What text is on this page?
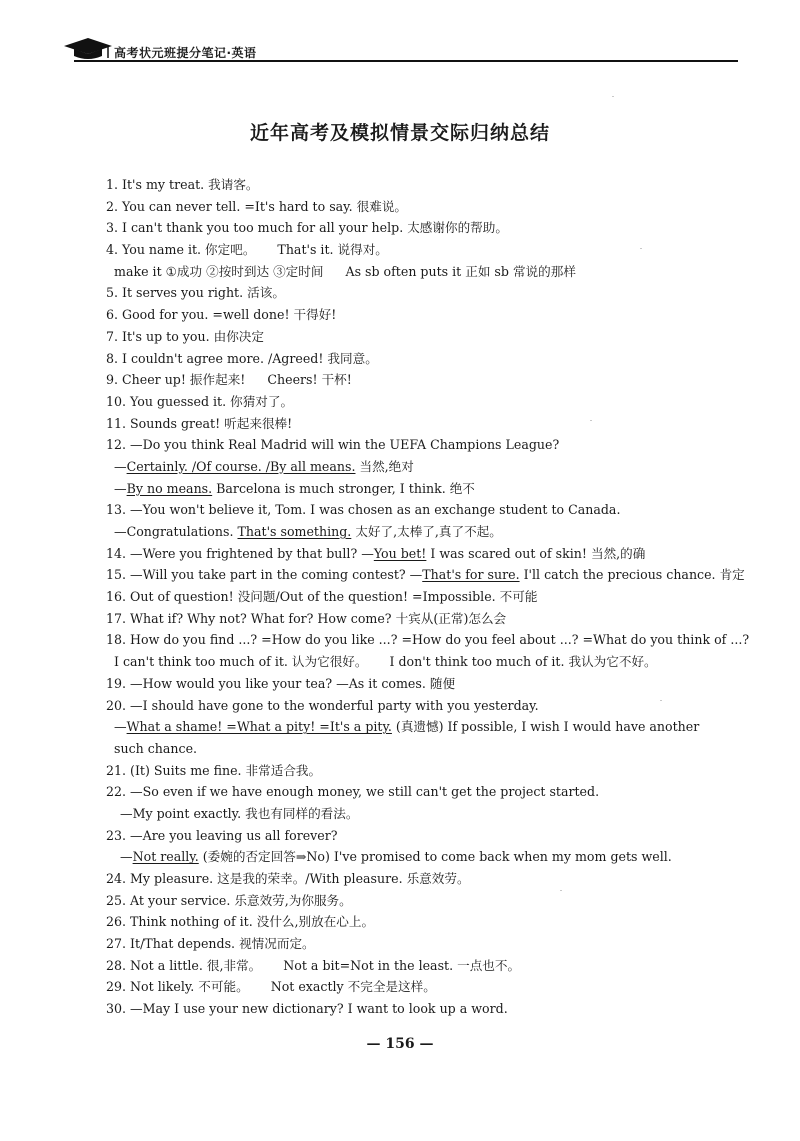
高考状元班提分笔记·英语
近年高考及模拟情景交际归纳总结
1. It's my treat. 我请客。
2. You can never tell. =It's hard to say. 很难说。
3. I can't thank you too much for all your help. 太感谢你的帮助。
4. You name it. 你定吧。 That's it. 说得对。
make it ①成功 ②按时到达 ③定时间 As sb often puts it 正如 sb 常说的那样
5. It serves you right. 活该。
6. Good for you. =well done! 干得好!
7. It's up to you. 由你决定
8. I couldn't agree more. /Agreed! 我同意。
9. Cheer up! 振作起来! Cheers! 干杯!
10. You guessed it. 你猜对了。
11. Sounds great! 听起来很棒!
12. —Do you think Real Madrid will win the UEFA Champions League?
—Certainly. /Of course. /By all means. 当然,绝对
—By no means. Barcelona is much stronger, I think. 绝不
13. —You won't believe it, Tom. I was chosen as an exchange student to Canada.
—Congratulations. That's something. 太好了,太棒了,真了不起。
14. —Were you frightened by that bull? —You bet! I was scared out of skin! 当然,的确
15. —Will you take part in the coming contest? —That's for sure. I'll catch the precious chance. 肯定
16. Out of question! 没问题/Out of the question! =Impossible. 不可能
17. What if? Why not? What for? How come? 十宾从(正常)怎么会
18. How do you find ...? =How do you like ...? =How do you feel about ...? =What do you think of ...?
I can't think too much of it. 认为它很好。 I don't think too much of it. 我认为它不好。
19. —How would you like your tea? —As it comes. 随便
20. —I should have gone to the wonderful party with you yesterday.
—What a shame! =What a pity! =It's a pity. (真遗憾) If possible, I wish I would have another
such chance.
21. (It) Suits me fine. 非常适合我。
22. —So even if we have enough money, we still can't get the project started.
—My point exactly. 我也有同样的看法。
23. —Are you leaving us all forever?
—Not really. (委婉的否定回答⇒No) I've promised to come back when my mom gets well.
24. My pleasure. 这是我的荣幸。/With pleasure. 乐意效劳。
25. At your service. 乐意效劳,为你服务。
26. Think nothing of it. 没什么,别放在心上。
27. It/That depends. 视情况而定。
28. Not a little. 很,非常。 Not a bit=Not in the least. 一点也不。
29. Not likely. 不可能。 Not exactly 不完全是这样。
30. —May I use your new dictionary? I want to look up a word.
— 156 —
